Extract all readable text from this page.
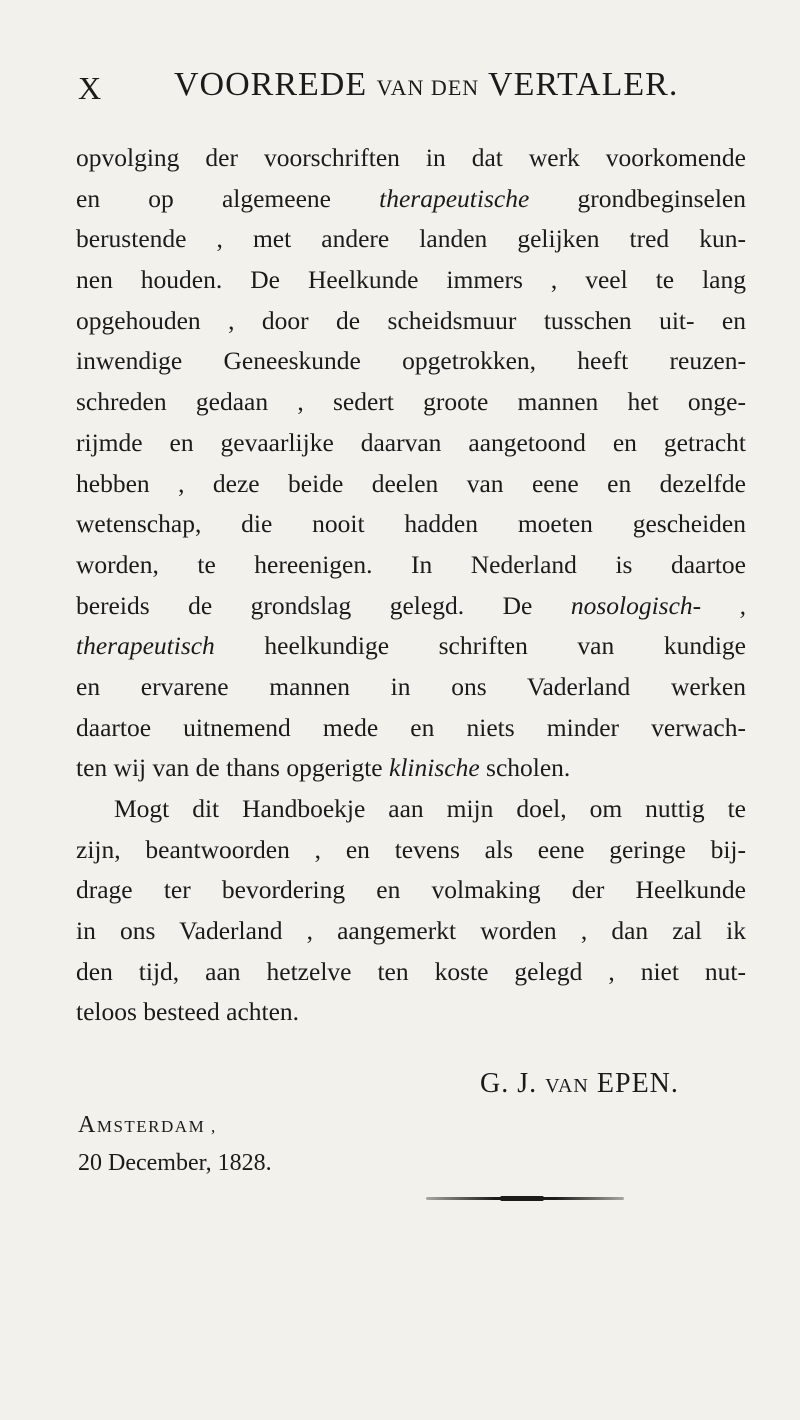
X VOORREDE VAN DEN VERTALER.
opvolging der voorschriften in dat werk voorkomende
en op algemeene therapeutische grondbeginselen
berustende , met andere landen gelijken tred kun-
nen houden. De Heelkunde immers , veel te lang
opgehouden , door de scheidsmuur tusschen uit- en
inwendige Geneeskunde opgetrokken, heeft reuzen-
schreden gedaan , sedert groote mannen het onge-
rijmde en gevaarlijke daarvan aangetoond en getracht
hebben , deze beide deelen van eene en dezelfde
wetenschap, die nooit hadden moeten gescheiden
worden, te hereenigen. In Nederland is daartoe
bereids de grondslag gelegd. De nosologisch- ,
therapeutisch heelkundige schriften van kundige
en ervarene mannen in ons Vaderland werken
daartoe uitnemend mede en niets minder verwach-
ten wij van de thans opgerigte klinische scholen.
Mogt dit Handboekje aan mijn doel, om nuttig te
zijn, beantwoorden , en tevens als eene geringe bij-
drage ter bevordering en volmaking der Heelkunde
in ons Vaderland , aangemerkt worden , dan zal ik
den tijd, aan hetzelve ten koste gelegd , niet nut-
teloos besteed achten.
G. J. VAN EPEN.
AMSTERDAM ,
20 December, 1828.
